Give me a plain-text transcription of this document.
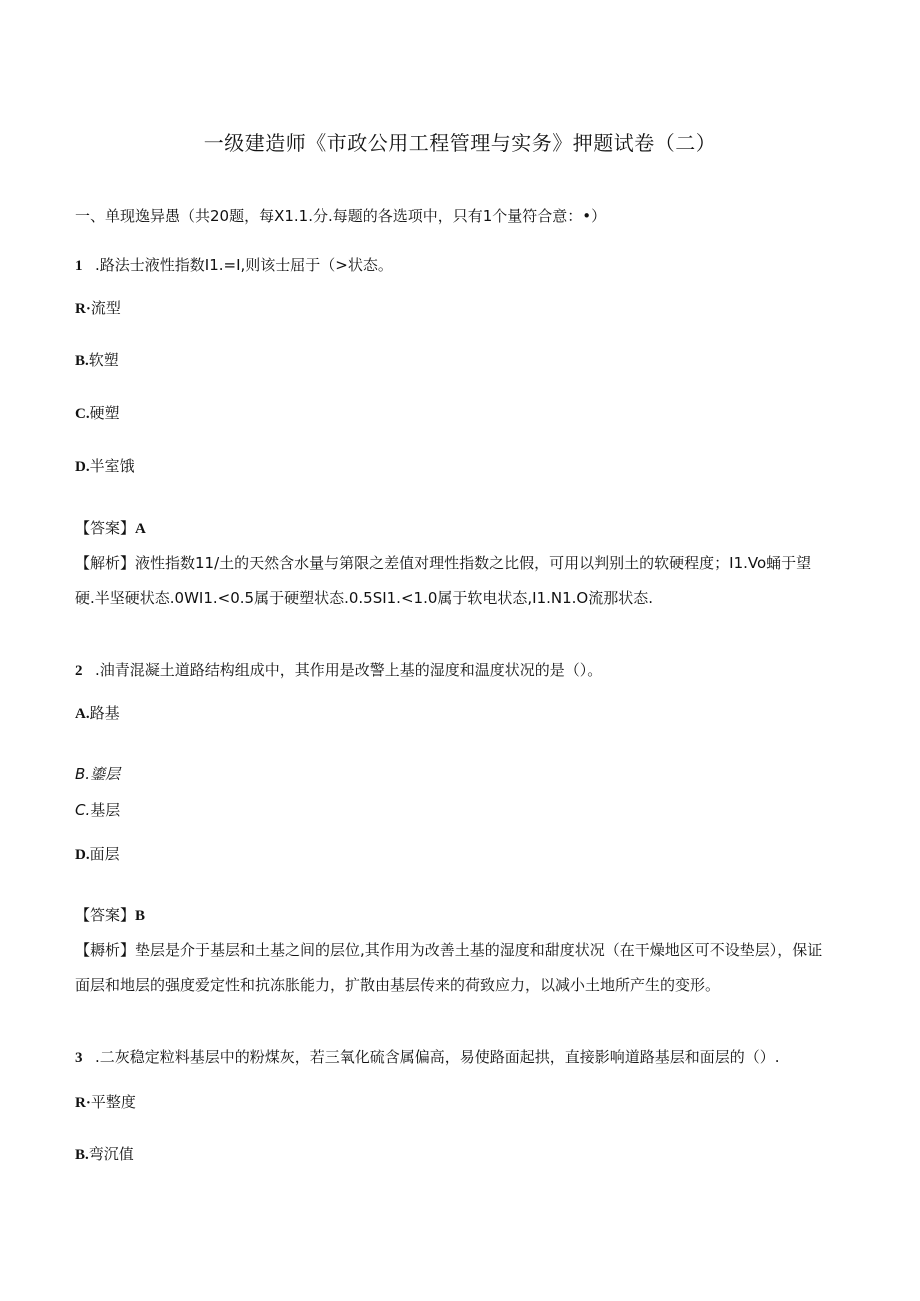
一级建造师《市政公用工程管理与实务》押题试卷（二）
一、单现逸异愚（共20题，每X1.1.分.每题的各选项中，只有1个量符合意：•）
1 .路法士液性指数I1.=I,则该士屈于（>状态。
R·流型
B.软塑
C.硬塑
D.半室饿
【答案】A
【解析】液性指数11/土的天然含水量与第限之差值对理性指数之比假，可用以判别土的软硬程度；I1.Vo蛹于望
硬.半坚硬状态.0WI1.<0.5属于硬塑状态.0.5SI1.<1.0属于软电状态,I1.N1.O流那状态.
2 .油青混凝土道路结构组成中，其作用是改警上基的湿度和温度状况的是（）。
A.路基
B.鎏层
C.基层
D.面层
【答案】B
【耨析】垫层是介于基层和土基之间的层位,其作用为改善土基的湿度和甜度状况（在干燥地区可不设垫层），保证
面层和地层的强度爱定性和抗冻胀能力，扩散由基层传来的荷致应力，以减小土地所产生的变形。
3 .二灰稳定粒料基层中的粉煤灰，若三氧化硫含属偏高，易使路面起拱，直接影响道路基层和面层的（）.
R·平整度
B.弯沉值
